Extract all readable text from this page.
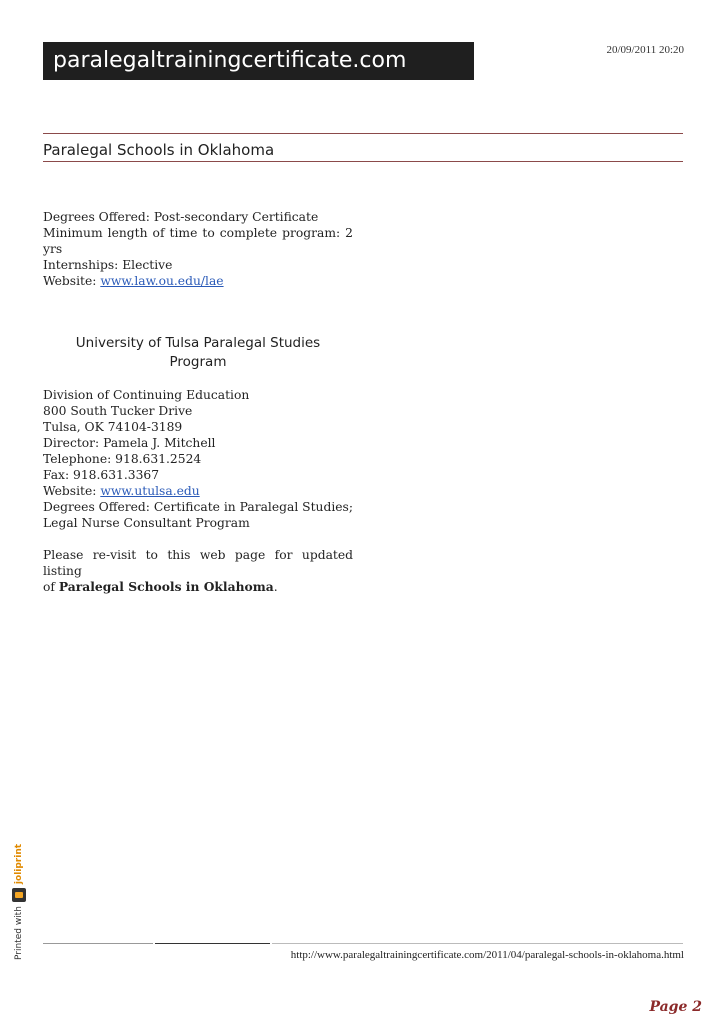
paralegaltrainingcertificate.com	20/09/2011 20:20
Paralegal Schools in Oklahoma
Degrees Offered: Post-secondary Certificate
Minimum length of time to complete program: 2
yrs
Internships: Elective
Website: www.law.ou.edu/lae
University of Tulsa Paralegal Studies
Program
Division of Continuing Education
800 South Tucker Drive
Tulsa, OK 74104-3189
Director: Pamela J. Mitchell
Telephone: 918.631.2524
Fax: 918.631.3367
Website: www.utulsa.edu
Degrees Offered: Certificate in Paralegal Studies;
Legal Nurse Consultant Program
Please re-visit to this web page for updated listing
of Paralegal Schools in Oklahoma.
Printed with
joliprint
http://www.paralegaltrainingcertificate.com/2011/04/paralegal-schools-in-oklahoma.html
Page 2
